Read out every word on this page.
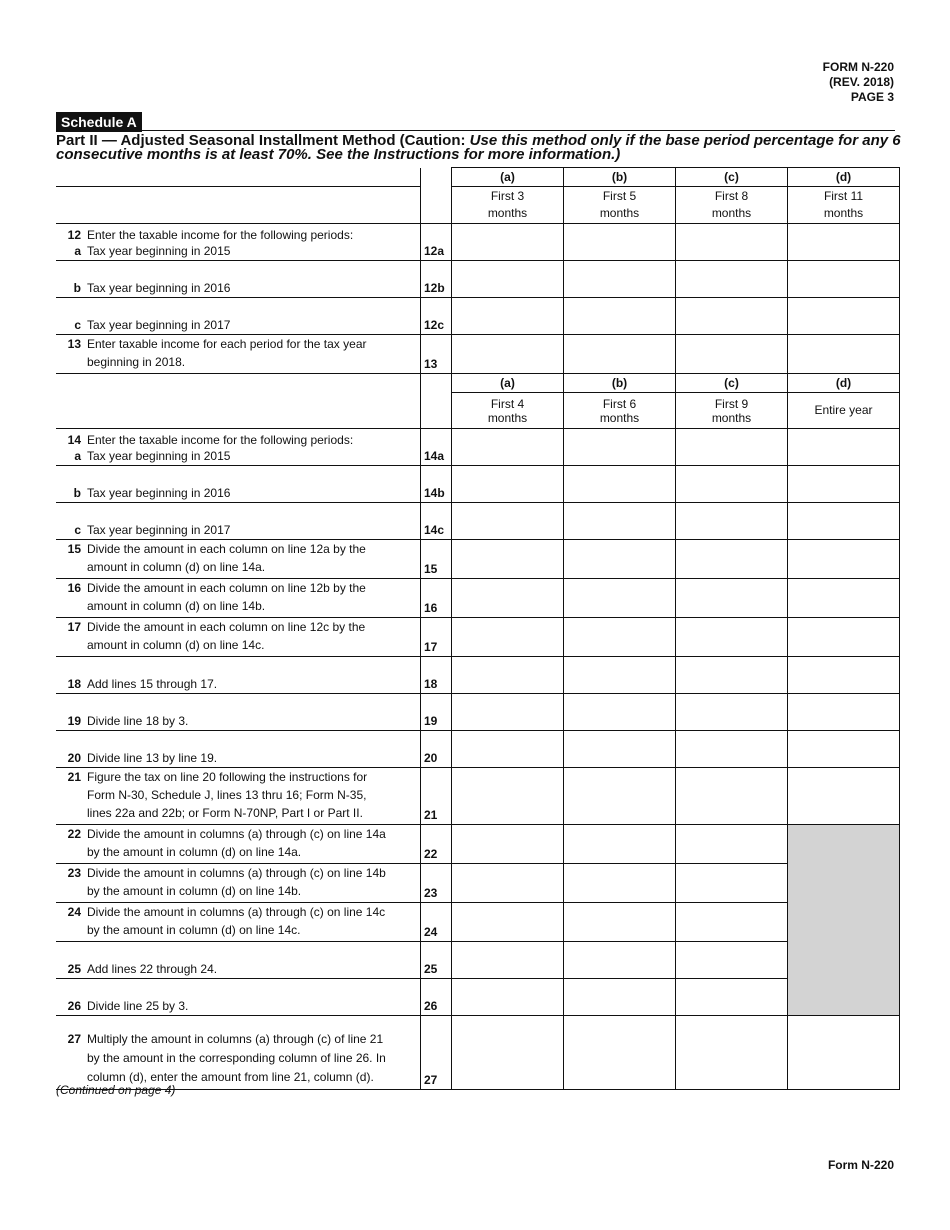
FORM N-220
(REV. 2018)
PAGE 3
Schedule A
Part II — Adjusted Seasonal Installment Method (Caution: Use this method only if the base period percentage for any 6 consecutive months is at least 70%. See the Instructions for more information.)
		(a)	(b)	(c)	(d)

		First 3
months	First 5
months	First 8
months	First 11
months

12 Enter the taxable income for the following periods:
a Tax year beginning in 2015	12a				

b Tax year beginning in 2016	12b				

c Tax year beginning in 2017	12c				

13 Enter taxable income for each period for the tax year
beginning in 2018.	13				
		(a)	(b)	(c)	(d)

		First 4
months	First 6
months	First 9
months	Entire year

14 Enter the taxable income for the following periods:
a Tax year beginning in 2015	14a				

b Tax year beginning in 2016	14b				

c Tax year beginning in 2017	14c				

15 Divide the amount in each column on line 12a by the
amount in column (d) on line 14a.	15				

16 Divide the amount in each column on line 12b by the
amount in column (d) on line 14b.	16				

17 Divide the amount in each column on line 12c by the
amount in column (d) on line 14c.	17				

18 Add lines 15 through 17.	18				

19 Divide line 18 by 3.	19				

20 Divide line 13 by line 19.	20				

21 Figure the tax on line 20 following the instructions for
Form N-30, Schedule J, lines 13 thru 16; Form N-35,
lines 22a and 22b; or Form N-70NP, Part I or Part II.	21				

22 Divide the amount in columns (a) through (c) on line 14a
by the amount in column (d) on line 14a.	22				

23 Divide the amount in columns (a) through (c) on line 14b
by the amount in column (d) on line 14b.	23				

24 Divide the amount in columns (a) through (c) on line 14c
by the amount in column (d) on line 14c.	24				

25 Add lines 22 through 24.	25				

26 Divide line 25 by 3.	26				

27 Multiply the amount in columns (a) through (c) of line 21
by the amount in the corresponding column of line 26. In
column (d), enter the amount from line 21, column (d).	27				
(Continued on page 4)
Form N-220
